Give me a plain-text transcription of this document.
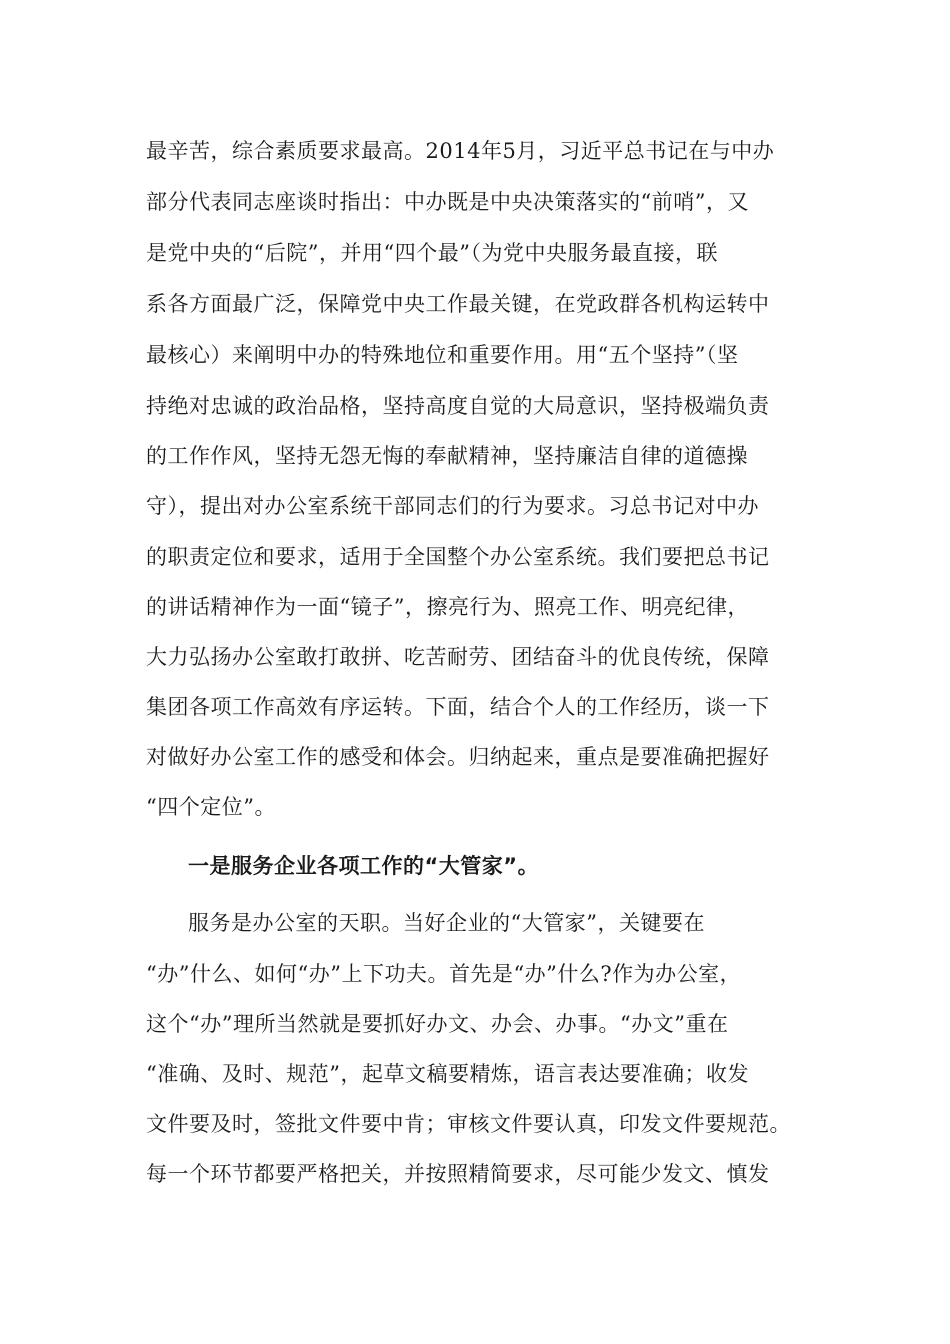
最辛苦，综合素质要求最高。2014年5月，习近平总书记在与中办
部分代表同志座谈时指出：中办既是中央决策落实的“前哨”，又
是党中央的“后院”，并用“四个最”（为党中央服务最直接，联
系各方面最广泛，保障党中央工作最关键，在党政群各机构运转中
最核心）来阐明中办的特殊地位和重要作用。用“五个坚持”（坚
持绝对忠诚的政治品格，坚持高度自觉的大局意识，坚持极端负责
的工作作风，坚持无怨无悔的奉献精神，坚持廉洁自律的道德操
守），提出对办公室系统干部同志们的行为要求。习总书记对中办
的职责定位和要求，适用于全国整个办公室系统。我们要把总书记
的讲话精神作为一面“镜子”，擦亮行为、照亮工作、明亮纪律，
大力弘扬办公室敢打敢拼、吃苦耐劳、团结奋斗的优良传统，保障
集团各项工作高效有序运转。下面，结合个人的工作经历，谈一下
对做好办公室工作的感受和体会。归纳起来，重点是要准确把握好
“四个定位”。
一是服务企业各项工作的“大管家”。
服务是办公室的天职。当好企业的“大管家”，关键要在
“办”什么、如何“办”上下功夫。首先是“办”什么?作为办公室，
这个“办”理所当然就是要抓好办文、办会、办事。“办文”重在
“准确、及时、规范”，起草文稿要精炼，语言表达要准确；收发
文件要及时，签批文件要中肯；审核文件要认真，印发文件要规范。
每一个环节都要严格把关，并按照精简要求，尽可能少发文、慎发
